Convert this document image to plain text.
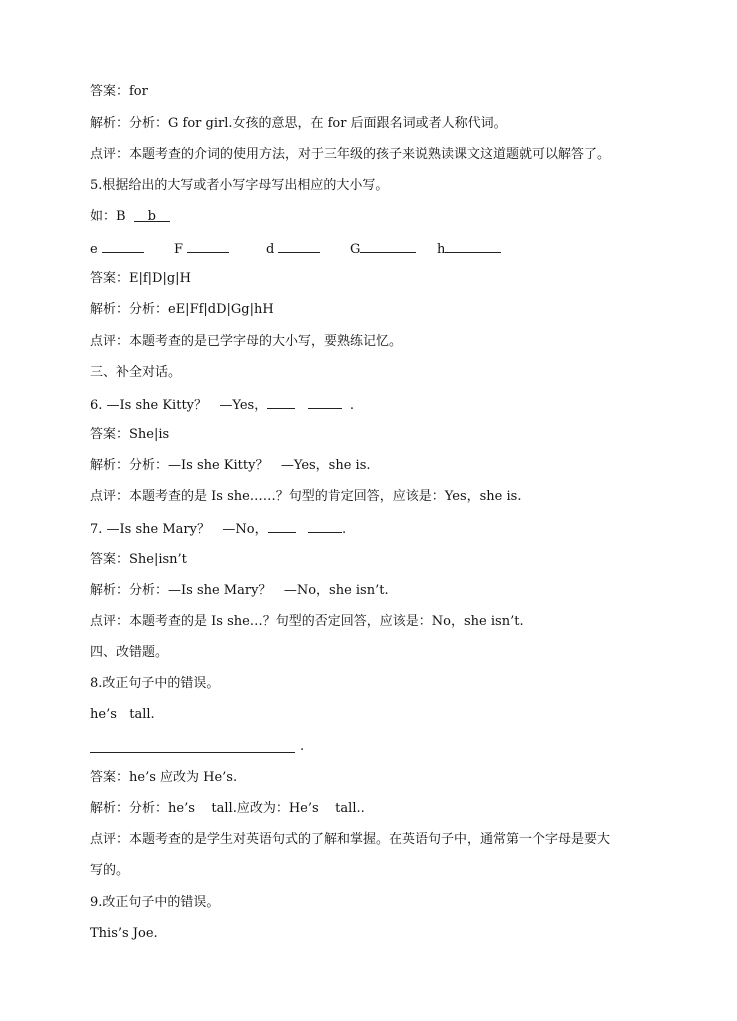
答案：for
解析：分析：G for girl.女孩的意思，在 for 后面跟名词或者人称代词。
点评：本题考查的介词的使用方法，对于三年级的孩子来说熟读课文这道题就可以解答了。
5.根据给出的大写或者小写字母写出相应的大小写。
如：B  b
e	F	d	G	h
答案：E|f|D|g|H
解析：分析：eE|Ff|dD|Gg|hH
点评：本题考查的是已学字母的大小写，要熟练记忆。
三、补全对话。
6. —Is she Kitty？   —Yes，	.
答案：She|is
解析：分析：—Is she Kitty？   —Yes，she is.
点评：本题考查的是 Is she……？句型的肯定回答，应该是：Yes，she is.
7. —Is she Mary？   —No，	.
答案：She|isn’t
解析：分析：—Is she Mary？   —No，she isn’t.
点评：本题考查的是 Is she…？句型的否定回答，应该是：No，she isn’t.
四、改错题。
8.改正句子中的错误。
he’s   tall.
.
答案：he’s 应改为 He’s.
解析：分析：he’s    tall.应改为：He’s    tall..
点评：本题考查的是学生对英语句式的了解和掌握。在英语句子中，通常第一个字母是要大
写的。
9.改正句子中的错误。
This’s Joe.
